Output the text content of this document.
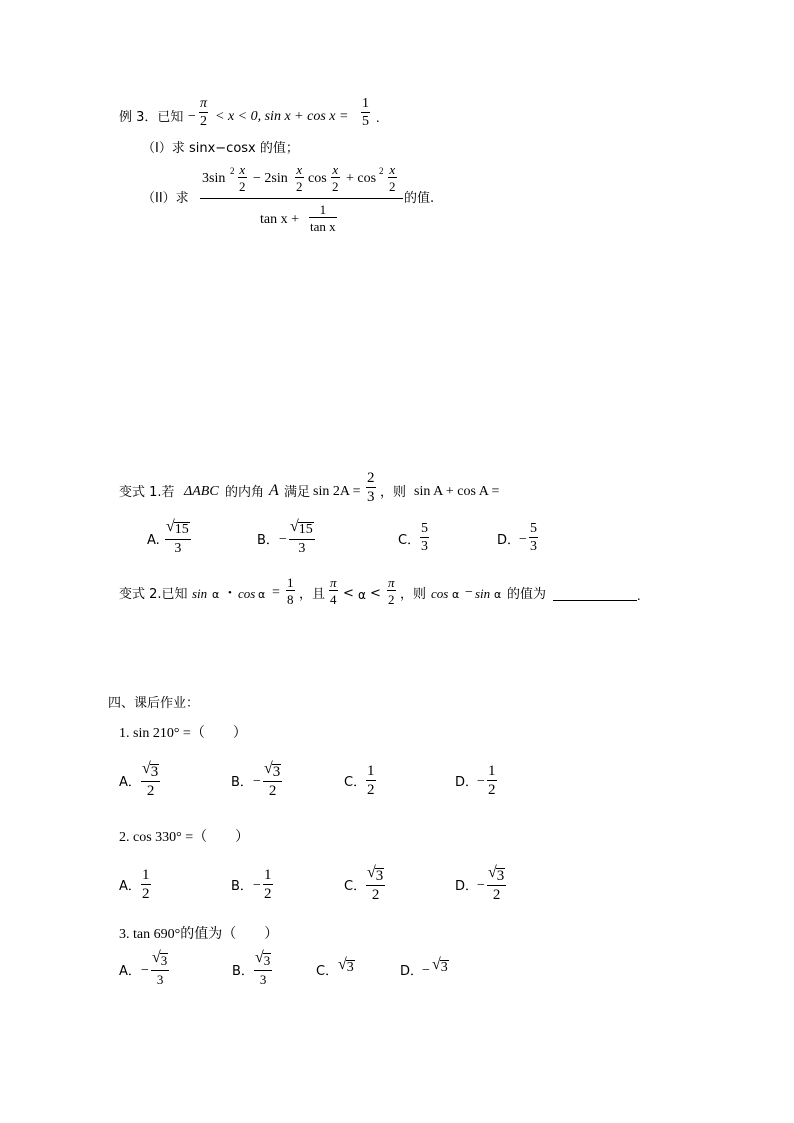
例 3．已知 −
π
2 < x < 0, sin x + cos x =
1
5 .
（I）求 sinx−cosx 的值；
（II）求
3sin 2 x
2
− 2sin
x
2
cos
x
2
+ cos 2 x
2
tan x +
1
tan x
的值.
变式 1.若 ΔABC 的内角 A 满足 sin 2A =
2
3 ，则 sin A + cos A =
A.
√ 15
3
B． −
√ 15
3
C．
5
3	D．
−
5
3
变式 2.已知 sin α • cos α =
1
8 ，且
π
4 < α <
π
2 ，则 cos α − sin α 的值为	.
四、课后作业：
1. sin 210° =（　　）
A．
√ 3
2
B． −
√ 3
2
C．
1
2	D．
−
1
2
2. cos 330° =（　　）
A．
1
2	B． −
1
2	C．
√ 3
2
D．
−
√ 3
2
3. tan 690°的值为（　　）
A． −
√ 3
3
B．
√ 3
3
C． √ 3	D．
− √ 3
